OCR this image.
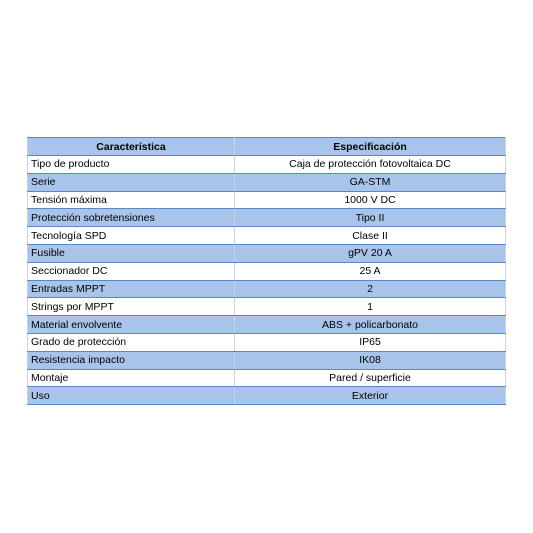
Característica	Especificación
Tipo de producto	Caja de protección fotovoltaica DC
Serie	GA-STM
Tensión máxima	1000 V DC
Protección sobretensiones	Tipo II
Tecnología SPD	Clase II
Fusible	gPV 20 A
Seccionador DC	25 A
Entradas MPPT	2
Strings por MPPT	1
Material envolvente	ABS + policarbonato
Grado de protección	IP65
Resistencia impacto	IK08
Montaje	Pared / superficie
Uso	Exterior
